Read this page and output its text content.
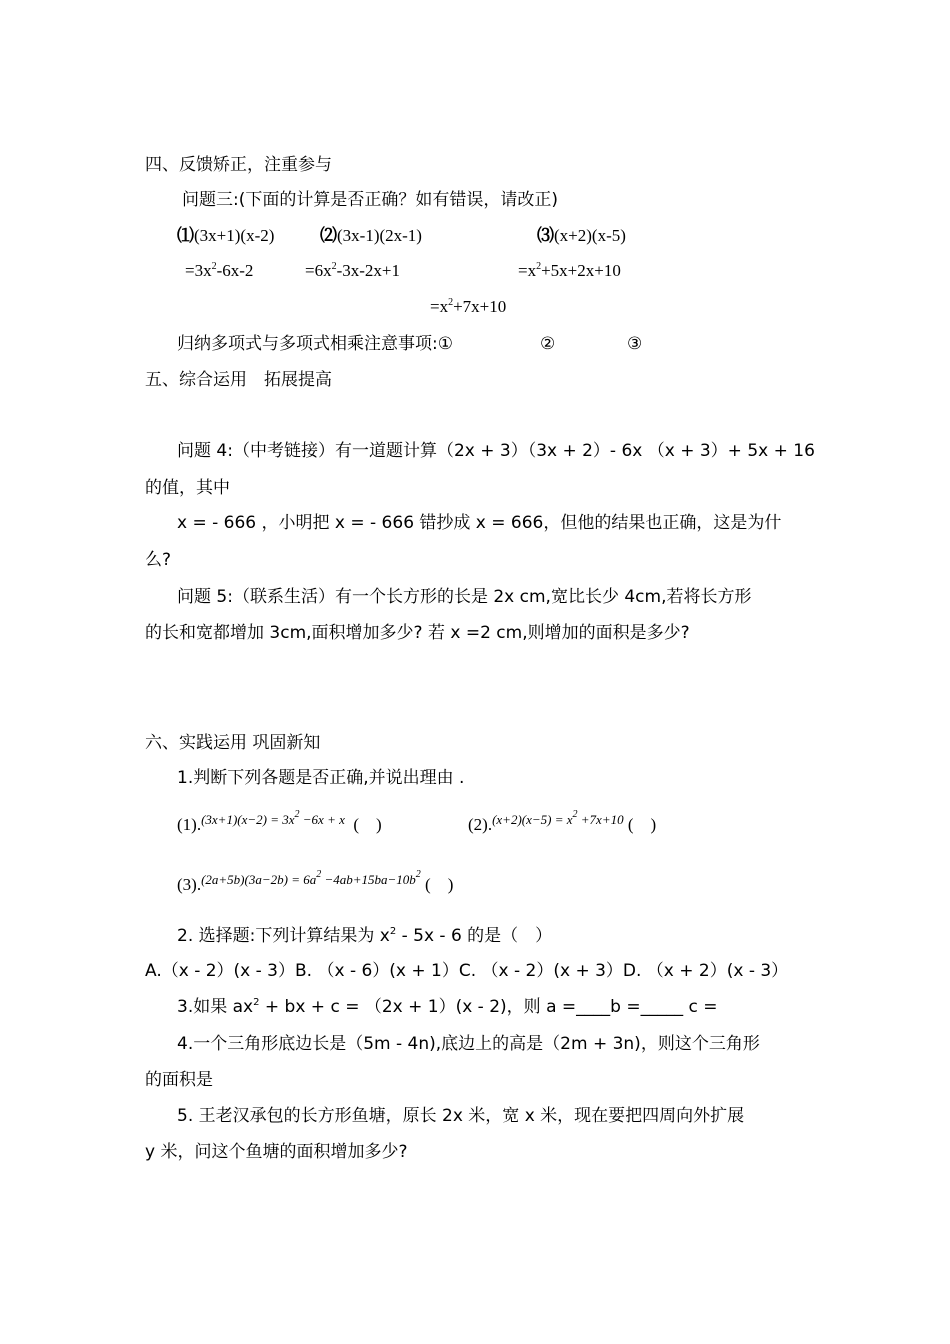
四、反馈矫正，注重参与
问题三:(下面的计算是否正确？如有错误，请改正)
⑴(3x+1)(x-2)	⑵(3x-1)(2x-1)	⑶(x+2)(x-5)
$=3x^2-6x-2$	$=6x^2-3x-2x+1$	$=x^2+5x+2x+10$
$=x^2+7x+10$
归纳多项式与多项式相乘注意事项:①	②	③
五、综合运用　拓展提高
问题 4:（中考链接）有一道题计算（2x + 3）（3x + 2）- 6x （x + 3）+ 5x + 16
的值，其中
x = - 666 ，小明把 x = - 666 错抄成 x = 666，但他的结果也正确，这是为什
么?
问题 5:（联系生活）有一个长方形的长是 2x cm,宽比长少 4cm,若将长方形
的长和宽都增加 3cm,面积增加多少? 若 x =2 cm,则增加的面积是多少?
六、实践运用 巩固新知
1.判断下列各题是否正确,并说出理由 .
(1).$^{(3x+1)(x-2) = 3x^2 -6x + x}$ (　)	(2).$^{(x+2)(x-5) = x^2 +7x+10}$ (　)
(3).$^{(2a+5b)(3a-2b) = 6a^2 -4ab+15ba-10b^2}$ (　)
2. 选择题:下列计算结果为 $x^2 - 5x - 6$ 的是（　）
A.（x - 2）(x - 3）B. （x - 6）(x + 1）C. （x - 2）(x + 3）D. （x + 2）(x - 3）
3.如果 $ax^2$ + bx + c = （2x + 1）(x - 2)，则 a =____b =_____ c =
4.一个三角形底边长是（5m - 4n),底边上的高是（2m + 3n)，则这个三角形
的面积是
5. 王老汉承包的长方形鱼塘，原长 2x 米，宽 x 米，现在要把四周向外扩展
y 米，问这个鱼塘的面积增加多少?
